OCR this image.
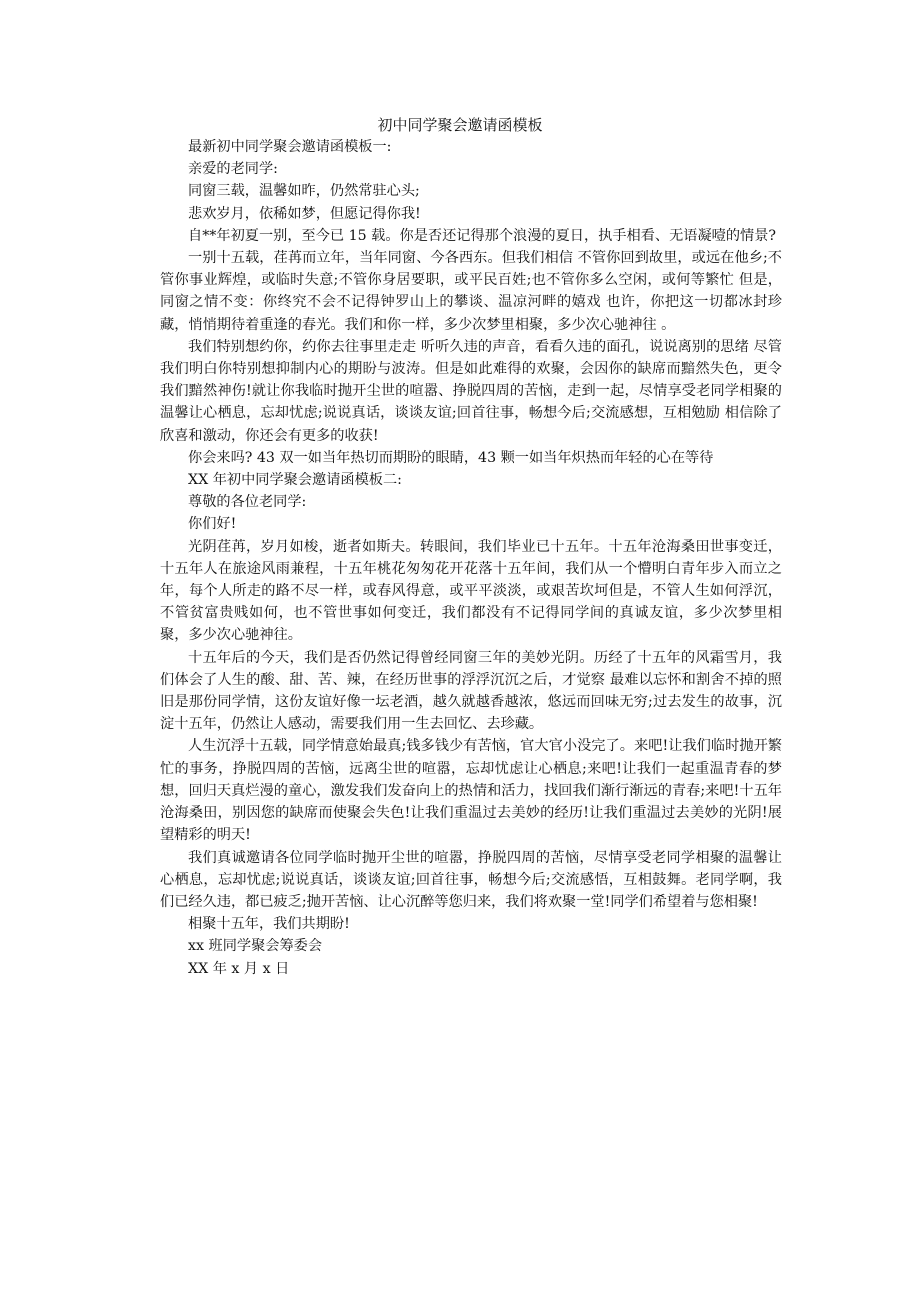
初中同学聚会邀请函模板

最新初中同学聚会邀请函模板一:

亲爱的老同学:

同窗三载，温馨如昨，仍然常驻心头;

悲欢岁月，依稀如梦，但愿记得你我!

自**年初夏一别，至今已 15 载。你是否还记得那个浪漫的夏日，执手相看、无语凝噎的情景?

一别十五载，荏苒而立年，当年同窗、今各西东。但我们相信 不管你回到故里，或远在他乡;不管你事业辉煌，或临时失意;不管你身居要职，或平民百姓;也不管你多么空闲，或何等繁忙 但是，同窗之情不变：你终究不会不记得钟罗山上的攀谈、温凉河畔的嬉戏 也许，你把这一切都冰封珍藏，悄悄期待着重逢的春光。我们和你一样，多少次梦里相聚，多少次心驰神往 。

我们特别想约你，约你去往事里走走 听听久违的声音，看看久违的面孔，说说离别的思绪 尽管我们明白你特别想抑制内心的期盼与波涛。但是如此难得的欢聚，会因你的缺席而黯然失色，更令我们黯然神伤!就让你我临时抛开尘世的喧嚣、挣脱四周的苦恼，走到一起，尽情享受老同学相聚的温馨让心栖息，忘却忧虑;说说真话，谈谈友谊;回首往事，畅想今后;交流感想，互相勉励 相信除了欣喜和激动，你还会有更多的收获!

你会来吗? 43 双一如当年热切而期盼的眼睛，43 颗一如当年炽热而年轻的心在等待

XX 年初中同学聚会邀请函模板二:

尊敬的各位老同学:

你们好!

光阴荏苒，岁月如梭，逝者如斯夫。转眼间，我们毕业已十五年。十五年沧海桑田世事变迁，十五年人在旅途风雨兼程，十五年桃花匆匆花开花落十五年间，我们从一个懵明白青年步入而立之年，每个人所走的路不尽一样，或春风得意，或平平淡淡，或艰苦坎坷但是，不管人生如何浮沉，不管贫富贵贱如何，也不管世事如何变迁，我们都没有不记得同学间的真诚友谊，多少次梦里相聚，多少次心驰神往。

十五年后的今天，我们是否仍然记得曾经同窗三年的美妙光阴。历经了十五年的风霜雪月，我们体会了人生的酸、甜、苦、辣，在经历世事的浮浮沉沉之后，才觉察 最难以忘怀和割舍不掉的照旧是那份同学情，这份友谊好像一坛老酒，越久就越香越浓，悠远而回味无穷;过去发生的故事，沉淀十五年，仍然让人感动，需要我们用一生去回忆、去珍藏。

人生沉浮十五载，同学情意始最真;钱多钱少有苦恼，官大官小没完了。来吧!让我们临时抛开繁忙的事务，挣脱四周的苦恼，远离尘世的喧嚣，忘却忧虑让心栖息;来吧!让我们一起重温青春的梦想，回归天真烂漫的童心，激发我们发奋向上的热情和活力，找回我们渐行渐远的青春;来吧!十五年沧海桑田，别因您的缺席而使聚会失色!让我们重温过去美妙的经历!让我们重温过去美妙的光阴!展望精彩的明天!

我们真诚邀请各位同学临时抛开尘世的喧嚣，挣脱四周的苦恼，尽情享受老同学相聚的温馨让心栖息，忘却忧虑;说说真话，谈谈友谊;回首往事，畅想今后;交流感悟，互相鼓舞。老同学啊，我们已经久违，都已疲乏;抛开苦恼、让心沉醉等您归来，我们将欢聚一堂!同学们希望着与您相聚!

相聚十五年，我们共期盼!

xx 班同学聚会筹委会

XX 年 x 月 x 日
